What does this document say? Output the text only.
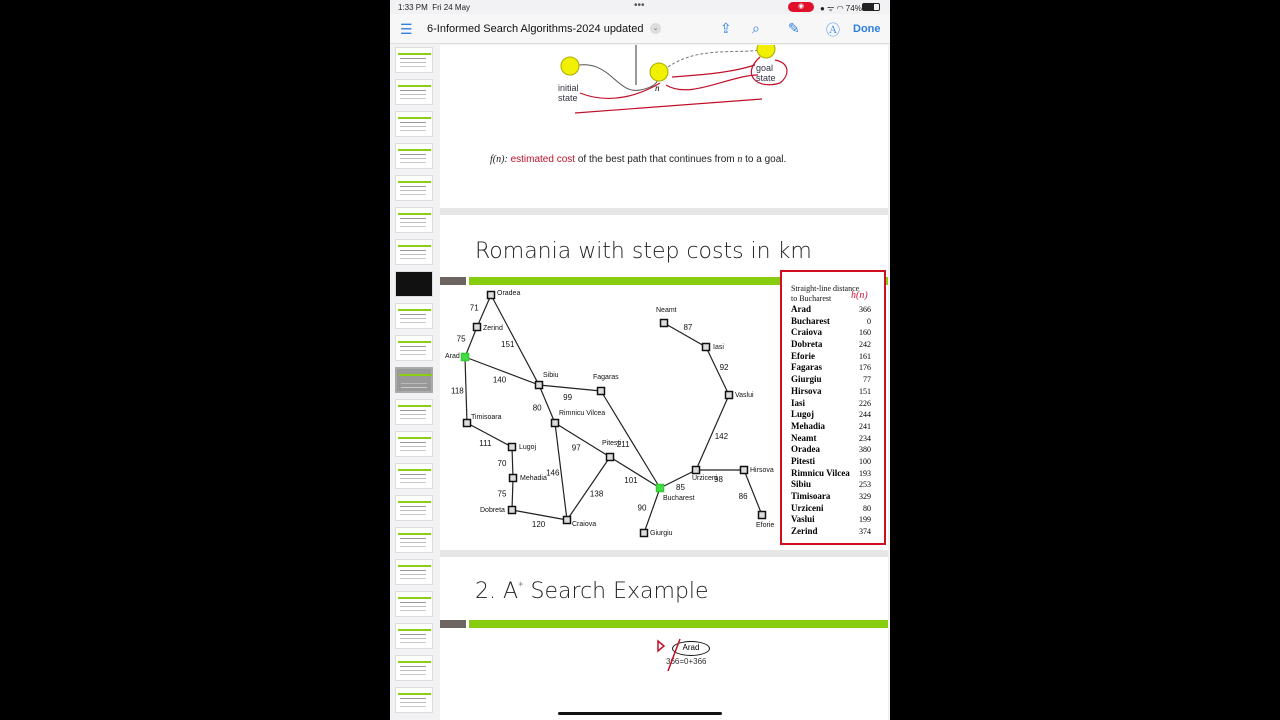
1:33 PM Fri 24 May	•••	◉	● ᯤ ◠ 74%
☰ 6-Informed Search Algorithms-2024 updated	⌄	⇪ ⌕ ✎ Ⓐ Done
initial state
n
goal state
f(n): estimated cost of the best path that continues from n to a goal.
Romania with step costs in km
71
75
151
140
118
99
80
111
70
75
120
146
97
138
101
211
90
85
98
86
142
92
87
Oradea
Zerind
Arad
Sibiu	Fagaras
Timisoara
Rimnicu Vilcea
Lugoj
Pitesti
Mehadia
Dobreta
Craiova
Bucharest
Giurgiu
Urziceni
Hirsova
Eforie
Vaslui
Iasi
Neamt
Straight-line distance to Bucharest	h(n)
Arad	366
Bucharest	0
Craiova	160
Dobreta	242
Eforie	161
Fagaras	176
Giurgiu	77
Hirsova	151
Iasi	226
Lugoj	244
Mehadia	241
Neamt	234
Oradea	380
Pitesti	100
Rimnicu Vilcea 193
Sibiu	253
Timisoara	329
Urziceni	80
Vaslui	199
Zerind	374
2. A* Search Example
Arad
366=0+366
